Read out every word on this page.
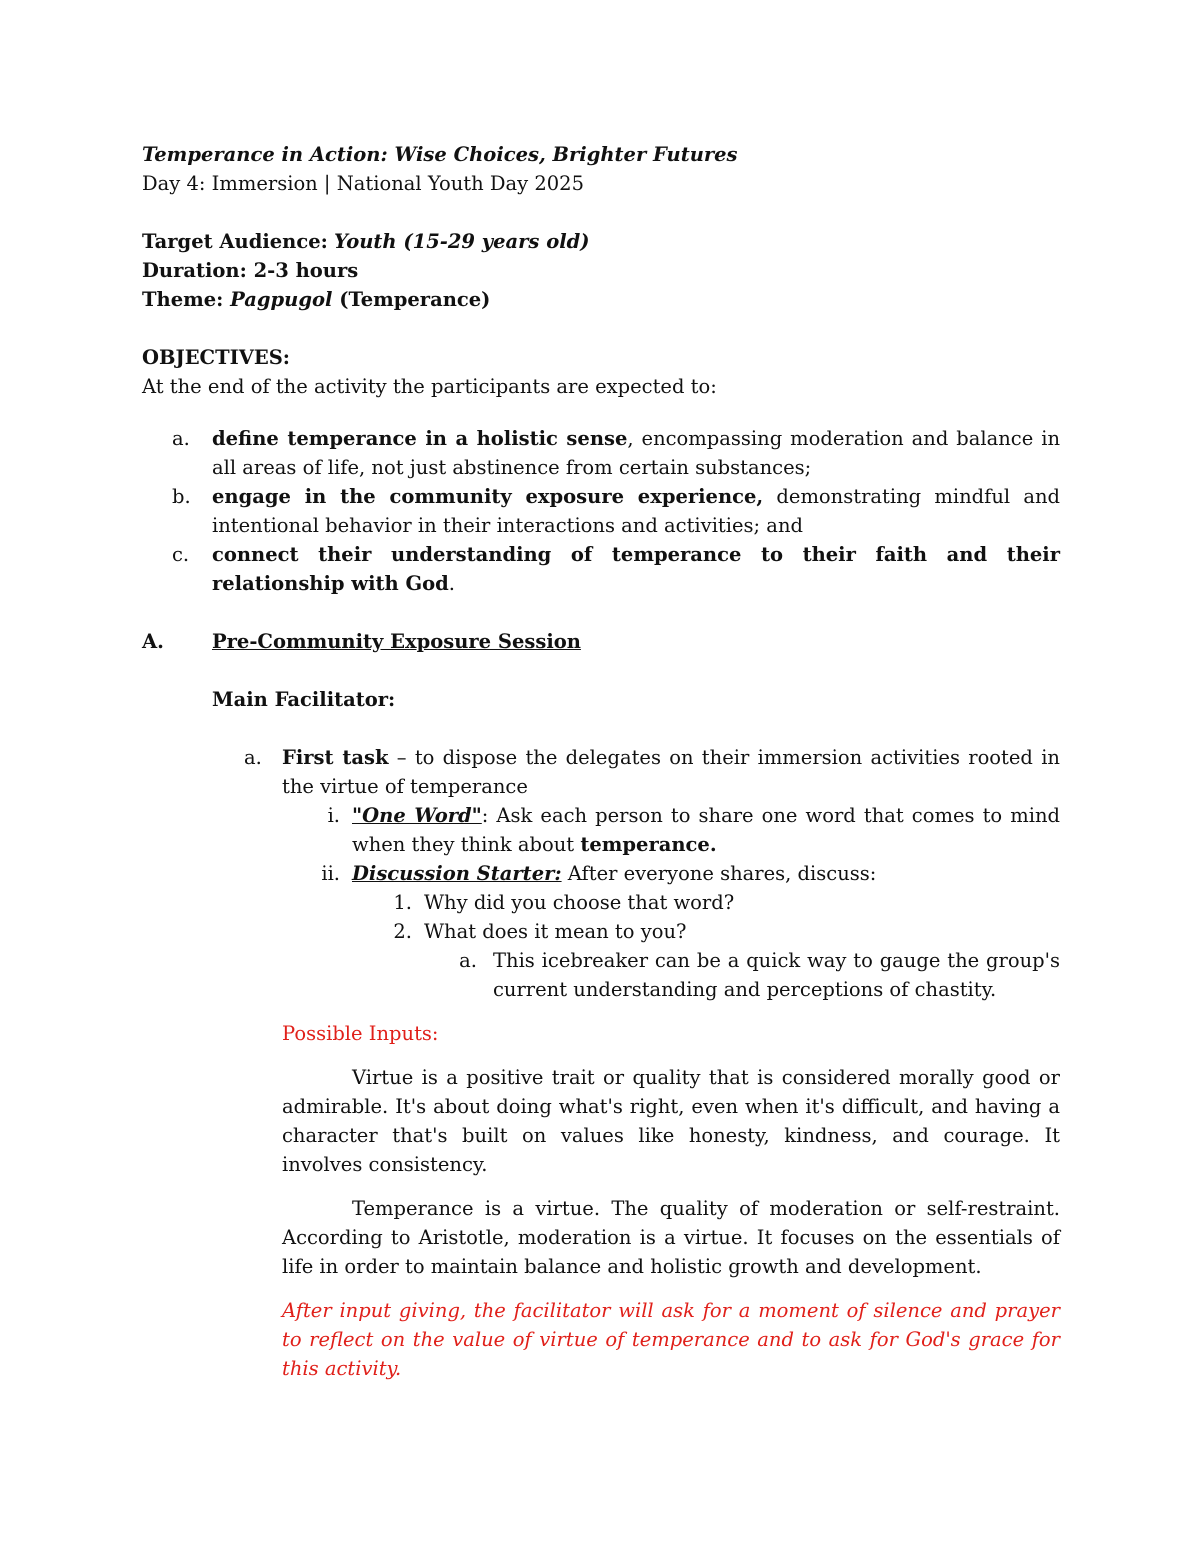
Temperance in Action: Wise Choices, Brighter Futures

Day 4: Immersion | National Youth Day 2025

Target Audience: Youth (15-29 years old)

Duration: 2-3 hours

Theme: Pagpugol (Temperance)

OBJECTIVES:

At the end of the activity the participants are expected to:

a.	define temperance in a holistic sense, encompassing moderation and balance in all areas of life, not just abstinence from certain substances;

b.	engage in the community exposure experience, demonstrating mindful and intentional behavior in their interactions and activities; and

c.	connect their understanding of temperance to their faith and their relationship with God.

A.	Pre-Community Exposure Session

Main Facilitator:

a.	First task – to dispose the delegates on their immersion activities rooted in the virtue of temperance

i. "One Word": Ask each person to share one word that comes to mind when they think about temperance.

ii. Discussion Starter: After everyone shares, discuss:

1. Why did you choose that word?

2. What does it mean to you?

a. This icebreaker can be a quick way to gauge the group's current understanding and perceptions of chastity.

Possible Inputs:

Virtue is a positive trait or quality that is considered morally good or admirable. It's about doing what's right, even when it's difficult, and having a character that's built on values like honesty, kindness, and courage. It involves consistency.

Temperance is a virtue. The quality of moderation or self-restraint. According to Aristotle, moderation is a virtue. It focuses on the essentials of life in order to maintain balance and holistic growth and development.

After input giving, the facilitator will ask for a moment of silence and prayer to reflect on the value of virtue of temperance and to ask for God's grace for this activity.
